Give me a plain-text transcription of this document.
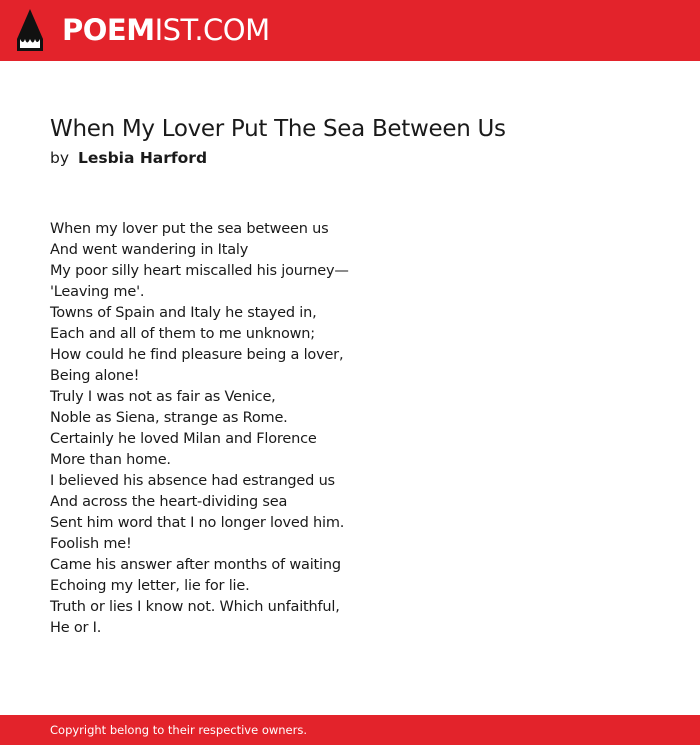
POEMIST.COM
When My Lover Put The Sea Between Us
by Lesbia Harford
When my lover put the sea between us
And went wandering in Italy
My poor silly heart miscalled his journey—
'Leaving me'.
Towns of Spain and Italy he stayed in,
Each and all of them to me unknown;
How could he find pleasure being a lover,
Being alone!
Truly I was not as fair as Venice,
Noble as Siena, strange as Rome.
Certainly he loved Milan and Florence
More than home.
I believed his absence had estranged us
And across the heart-dividing sea
Sent him word that I no longer loved him.
Foolish me!
Came his answer after months of waiting
Echoing my letter, lie for lie.
Truth or lies I know not. Which unfaithful,
He or I.
Copyright belong to their respective owners.
